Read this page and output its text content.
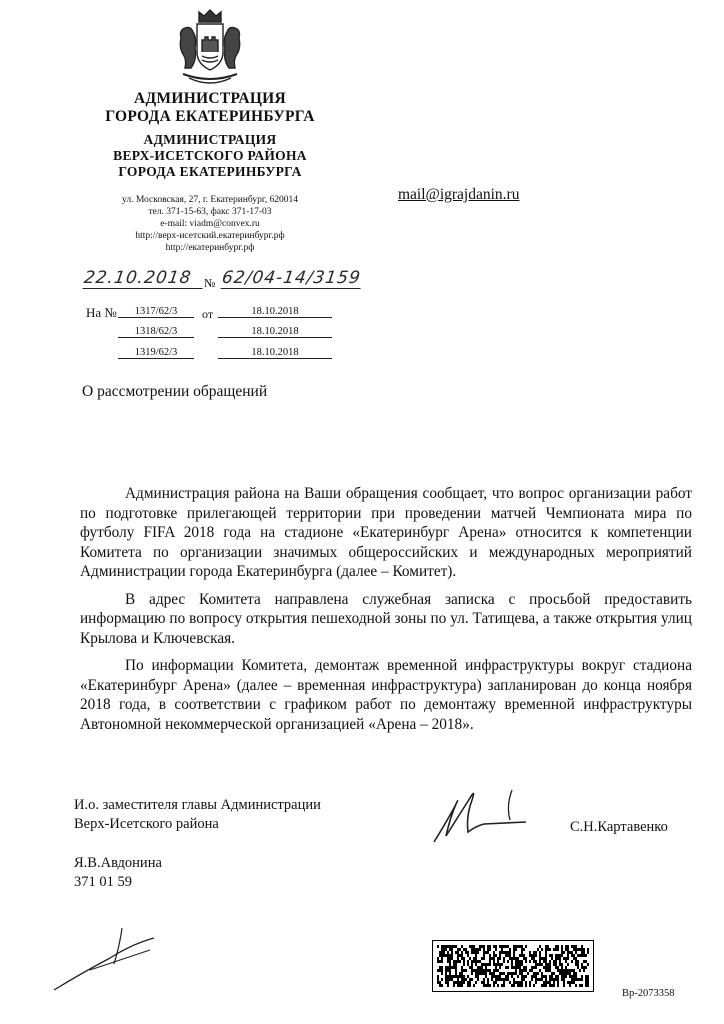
АДМИНИСТРАЦИЯ
ГОРОДА ЕКАТЕРИНБУРГА
АДМИНИСТРАЦИЯ
ВЕРХ-ИСЕТСКОГО РАЙОНА
ГОРОДА ЕКАТЕРИНБУРГА
ул. Московская, 27, г. Екатеринбург, 620014
тел. 371-15-63, факс 371-17-03
e-mail: viadm@convex.ru
http://верх-исетский.екатеринбург.рф
http://екатеринбург.рф
mail@igrajdanin.ru
22.10.2018 № 62/04-14/3159
На №	от
1317/62/3	18.10.2018
1318/62/3	18.10.2018
1319/62/3	18.10.2018
О рассмотрении обращений

Администрация района на Ваши обращения сообщает, что вопрос организации работ по подготовке прилегающей территории при проведении матчей Чемпионата мира по футболу FIFA 2018 года на стадионе «Екатеринбург Арена» относится к компетенции Комитета по организации значимых общероссийских и международных мероприятий Администрации города Екатеринбурга (далее – Комитет).

В адрес Комитета направлена служебная записка с просьбой предоставить информацию по вопросу открытия пешеходной зоны по ул. Татищева, а также открытия улиц Крылова и Ключевская.

По информации Комитета, демонтаж временной инфраструктуры вокруг стадиона «Екатеринбург Арена» (далее – временная инфраструктура) запланирован до конца ноября 2018 года, в соответствии с графиком работ по демонтажу временной инфраструктуры Автономной некоммерческой организацией «Арена – 2018».

И.о. заместителя главы Администрации
Верх-Исетского района	С.Н.Картавенко
Я.В.Авдонина
371 01 59
Вр-2073358
